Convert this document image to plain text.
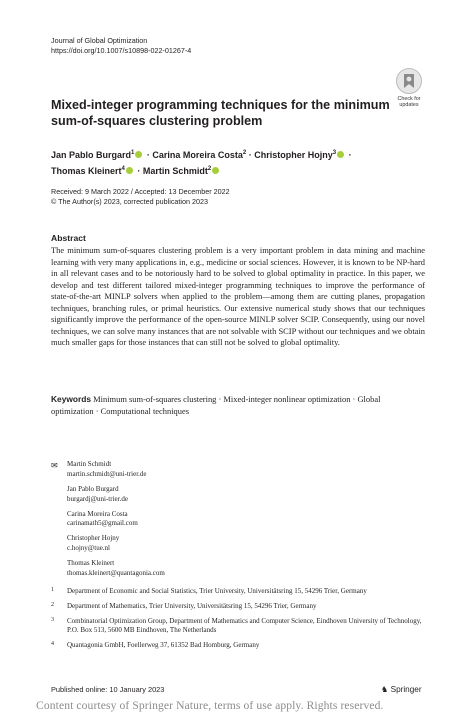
Journal of Global Optimization
https://doi.org/10.1007/s10898-022-01267-4
Check for
updates
Mixed-integer programming techniques for the minimum sum-of-squares clustering problem
Jan Pablo Burgard$^1$ · Carina Moreira Costa$^2$ · Christopher Hojny$^3$ ·
Thomas Kleinert$^4$ · Martin Schmidt$^2$
Received: 9 March 2022 / Accepted: 13 December 2022
© The Author(s) 2023, corrected publication 2023
Abstract
The minimum sum-of-squares clustering problem is a very important problem in data mining and machine learning with very many applications in, e.g., medicine or social sciences. However, it is known to be NP-hard in all relevant cases and to be notoriously hard to be solved to global optimality in practice. In this paper, we develop and test different tailored mixed-integer programming techniques to improve the performance of state-of-the-art MINLP solvers when applied to the problem—among them are cutting planes, propagation techniques, branching rules, or primal heuristics. Our extensive numerical study shows that our techniques significantly improve the performance of the open-source MINLP solver SCIP. Consequently, using our novel techniques, we can solve many instances that are not solvable with SCIP without our techniques and we obtain much smaller gaps for those instances that can still not be solved to global optimality.
Keywords Minimum sum-of-squares clustering · Mixed-integer nonlinear optimization · Global optimization · Computational techniques
✉	Martin Schmidt
martin.schmidt@uni-trier.de
Jan Pablo Burgard
burgardj@uni-trier.de
Carina Moreira Costa
carinamath5@gmail.com
Christopher Hojny
c.hojny@tue.nl
Thomas Kleinert
thomas.kleinert@quantagonia.com
1 Department of Economic and Social Statistics, Trier University, Universitätsring 15, 54296 Trier, Germany
2 Department of Mathematics, Trier University, Universitätsring 15, 54296 Trier, Germany
3 Combinatorial Optimization Group, Department of Mathematics and Computer Science, Eindhoven University of Technology, P.O. Box 513, 5600 MB Eindhoven, The Netherlands
4 Quantagonia GmbH, Foellerweg 37, 61352 Bad Homburg, Germany
Published online: 10 January 2023	♞ Springer
Content courtesy of Springer Nature, terms of use apply. Rights reserved.
